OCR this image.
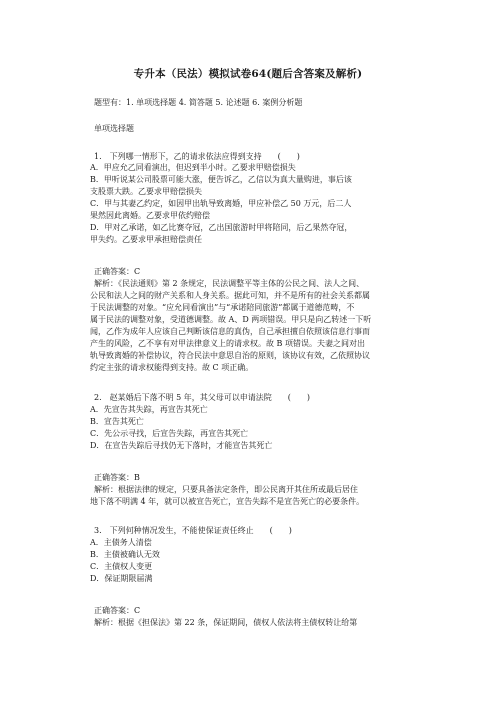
专升本（民法）模拟试卷64(题后含答案及解析)
题型有：1. 单项选择题 4. 简答题 5. 论述题 6. 案例分析题
单项选择题
1.　下列哪一情形下，乙的请求依法应得到支持　　(　　)
A．甲应允乙同看演出，但迟到半小时。乙要求甲赔偿损失
B．甲听说某公司股票可能大涨，便告诉乙，乙信以为真大量购进，事后该
支股票大跌。乙要求甲赔偿损失
C．甲与其妻乙约定，如因甲出轨导致离婚，甲应补偿乙 50 万元，后二人
果然因此离婚。乙要求甲依约赔偿
D．甲对乙承诺，如乙比赛夺冠，乙出国旅游时甲将陪同，后乙果然夺冠，
甲失约。乙要求甲承担赔偿责任
正确答案：C
解析：《民法通则》第 2 条规定，民法调整平等主体的公民之间、法人之间、
公民和法人之间的财产关系和人身关系。据此可知，并不是所有的社会关系都属
于民法调整的对象。“应允同看演出”与“承诺陪同旅游”都属于道德范畴，不
属于民法的调整对象，受道德调整。故 A、D 两项错误。甲只是向乙转述一下听
闻，乙作为成年人应该自己判断该信息的真伪，自己承担擅自依照该信息行事而
产生的风险，乙不享有对甲法律意义上的请求权。故 B 项错误。夫妻之间对出
轨导致离婚的补偿协议，符合民法中意思自治的原则，该协议有效，乙依照协议
约定主张的请求权能得到支持。故 C 项正确。
2.　赵某婚后下落不明 5 年，其父母可以申请法院　　(　　)
A．先宣告其失踪，再宣告其死亡
B．宣告其死亡
C．先公示寻找，后宣告失踪，再宣告其死亡
D．在宣告失踪后寻找仍无下落时，才能宣告其死亡
正确答案：B
解析：根据法律的规定，只要具备法定条件，即公民离开其住所或最后居住
地下落不明满 4 年，就可以被宣告死亡，宣告失踪不是宣告死亡的必要条件。
3.　下列何种情况发生，不能使保证责任终止　　(　　)
A．主债务人清偿
B．主债被确认无效
C．主债权人变更
D．保证期限届满
正确答案：C
解析：根据《担保法》第 22 条，保证期间，债权人依法将主债权转让给第
